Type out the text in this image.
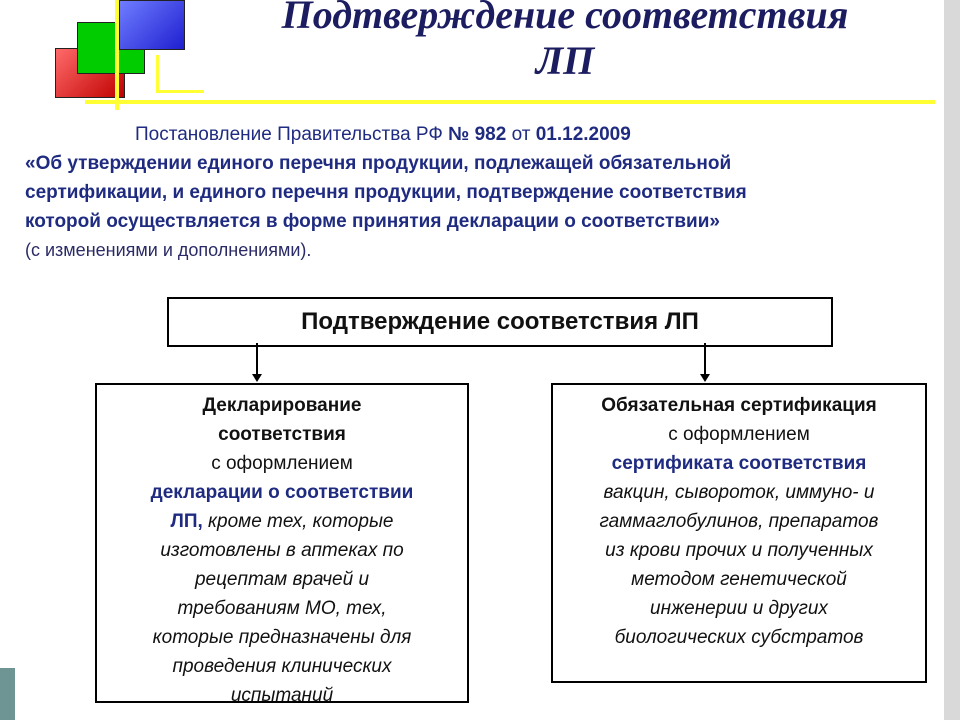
Подтверждение соответствия
ЛП
Постановление Правительства РФ № 982 от 01.12.2009
«Об утверждении единого перечня продукции, подлежащей обязательной
сертификации, и единого перечня продукции, подтверждение соответствия
которой осуществляется в форме принятия декларации о соответствии»
(с изменениями и дополнениями).
Подтверждение соответствия ЛП
Декларирование
соответствия
с оформлением
декларации о соответствии
ЛП, кроме тех, которые
изготовлены в аптеках по
рецептам врачей и
требованиям МО, тех,
которые предназначены для
проведения клинических
испытаний
Обязательная сертификация
с оформлением
сертификата соответствия
вакцин, сывороток, иммуно- и
гаммаглобулинов, препаратов
из крови прочих и полученных
методом генетической
инженерии и других
биологических субстратов
